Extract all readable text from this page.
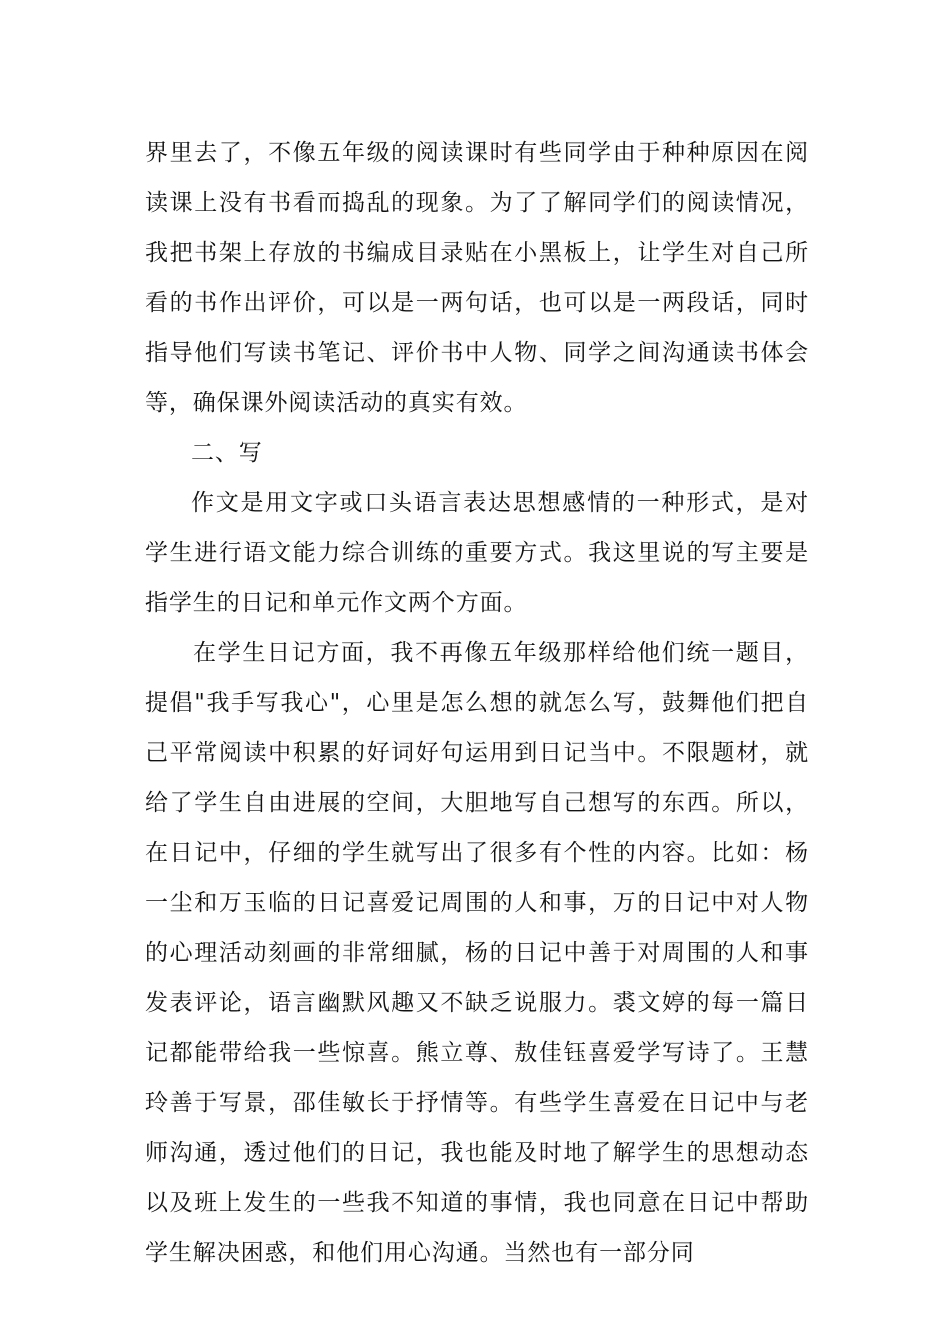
界里去了，不像五年级的阅读课时有些同学由于种种原因在阅读课上没有书看而捣乱的现象。为了了解同学们的阅读情况，我把书架上存放的书编成目录贴在小黑板上，让学生对自己所看的书作出评价，可以是一两句话，也可以是一两段话，同时指导他们写读书笔记、评价书中人物、同学之间沟通读书体会等，确保课外阅读活动的真实有效。

二、写

作文是用文字或口头语言表达思想感情的一种形式，是对学生进行语文能力综合训练的重要方式。我这里说的写主要是指学生的日记和单元作文两个方面。

在学生日记方面，我不再像五年级那样给他们统一题目，提倡"我手写我心"，心里是怎么想的就怎么写，鼓舞他们把自己平常阅读中积累的好词好句运用到日记当中。不限题材，就给了学生自由进展的空间，大胆地写自己想写的东西。所以，在日记中，仔细的学生就写出了很多有个性的内容。比如：杨一尘和万玉临的日记喜爱记周围的人和事，万的日记中对人物的心理活动刻画的非常细腻，杨的日记中善于对周围的人和事发表评论，语言幽默风趣又不缺乏说服力。裘文婷的每一篇日记都能带给我一些惊喜。熊立尊、敖佳钰喜爱学写诗了。王慧玲善于写景，邵佳敏长于抒情等。有些学生喜爱在日记中与老师沟通，透过他们的日记，我也能及时地了解学生的思想动态以及班上发生的一些我不知道的事情，我也同意在日记中帮助学生解决困惑，和他们用心沟通。当然也有一部分同
